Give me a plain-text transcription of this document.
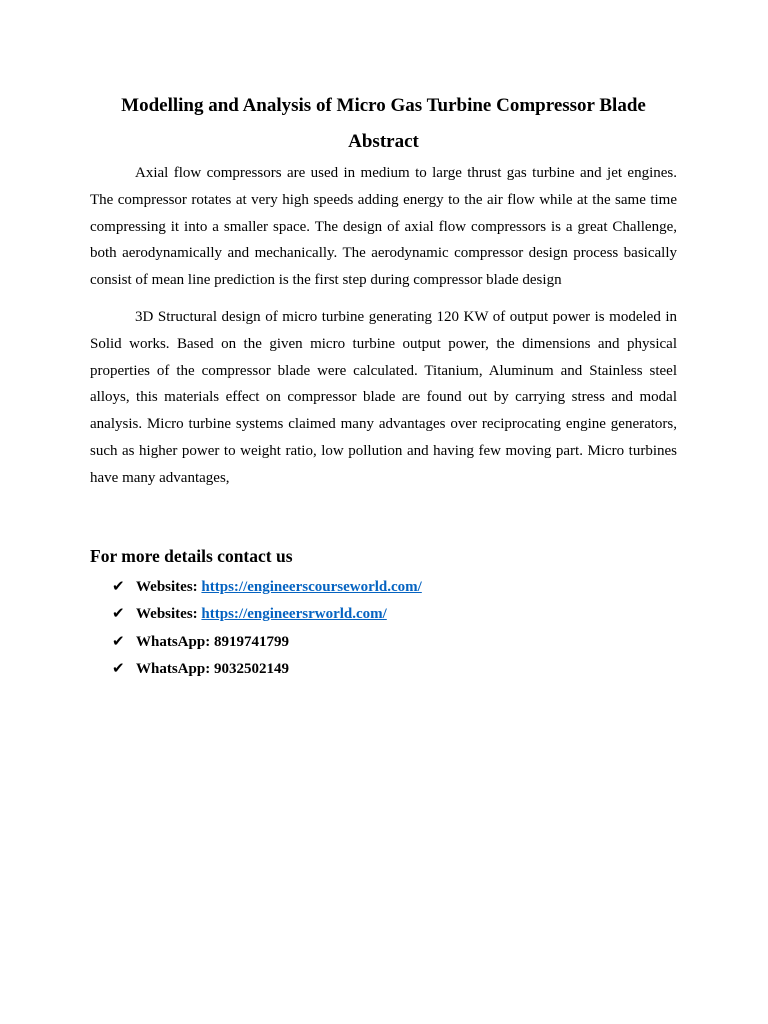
Modelling and Analysis of Micro Gas Turbine Compressor Blade
Abstract

Axial flow compressors are used in medium to large thrust gas turbine and jet engines. The compressor rotates at very high speeds adding energy to the air flow while at the same time compressing it into a smaller space. The design of axial flow compressors is a great Challenge, both aerodynamically and mechanically. The aerodynamic compressor design process basically consist of mean line prediction is the first step during compressor blade design

3D Structural design of micro turbine generating 120 KW of output power is modeled in Solid works. Based on the given micro turbine output power, the dimensions and physical properties of the compressor blade were calculated. Titanium, Aluminum and Stainless steel alloys, this materials effect on compressor blade are found out by carrying stress and modal analysis. Micro turbine systems claimed many advantages over reciprocating engine generators, such as higher power to weight ratio, low pollution and having few moving part. Micro turbines have many advantages,

For more details contact us
✔ Websites:
https://engineerscourseworld.com/
✔ Websites:
https://engineersrworld.com/
✔ WhatsApp:
8919741799
✔ WhatsApp:
9032502149
